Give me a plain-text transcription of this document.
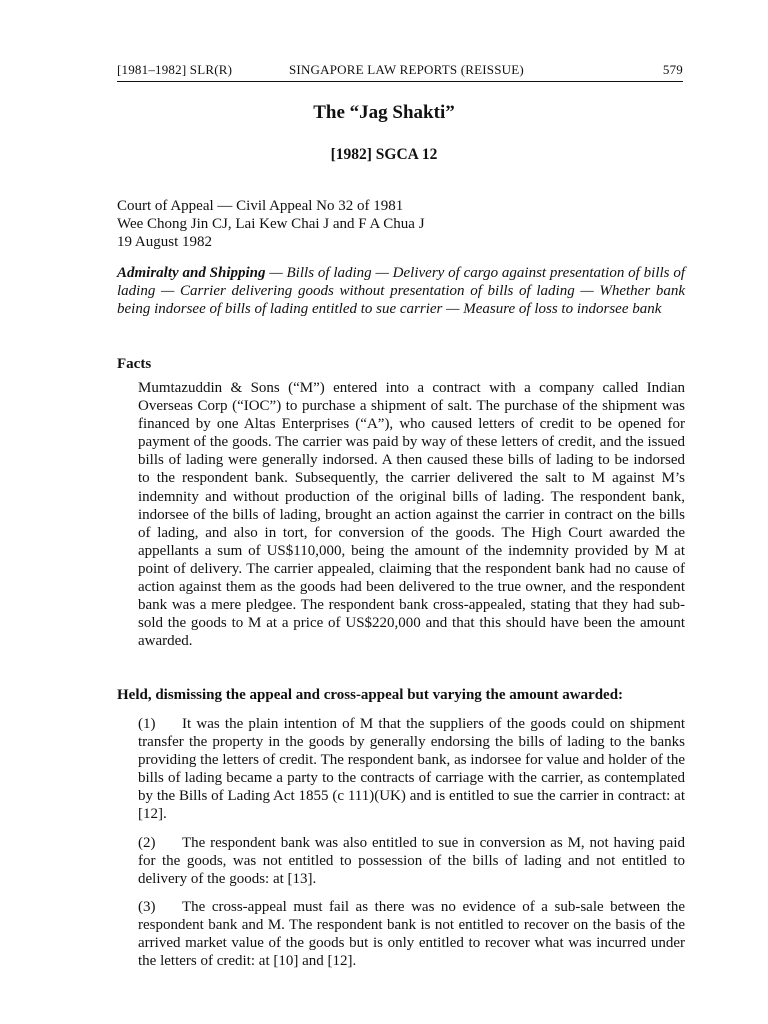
[1981–1982] SLR(R)	SINGAPORE LAW REPORTS (REISSUE)	579
The “Jag Shakti”
[1982] SGCA 12
Court of Appeal — Civil Appeal No 32 of 1981
Wee Chong Jin CJ, Lai Kew Chai J and F A Chua J
19 August 1982
Admiralty and Shipping — Bills of lading — Delivery of cargo against presentation of bills of lading — Carrier delivering goods without presentation of bills of lading — Whether bank being indorsee of bills of lading entitled to sue carrier — Measure of loss to indorsee bank
Facts
Mumtazuddin & Sons (“M”) entered into a contract with a company called Indian Overseas Corp (“IOC”) to purchase a shipment of salt. The purchase of the shipment was financed by one Altas Enterprises (“A”), who caused letters of credit to be opened for payment of the goods. The carrier was paid by way of these letters of credit, and the issued bills of lading were generally indorsed. A then caused these bills of lading to be indorsed to the respondent bank. Subsequently, the carrier delivered the salt to M against M’s indemnity and without production of the original bills of lading. The respondent bank, indorsee of the bills of lading, brought an action against the carrier in contract on the bills of lading, and also in tort, for conversion of the goods. The High Court awarded the appellants a sum of US$110,000, being the amount of the indemnity provided by M at point of delivery. The carrier appealed, claiming that the respondent bank had no cause of action against them as the goods had been delivered to the true owner, and the respondent bank was a mere pledgee. The respondent bank cross-appealed, stating that they had sub-sold the goods to M at a price of US$220,000 and that this should have been the amount awarded.
Held, dismissing the appeal and cross-appeal but varying the amount awarded:
(1) It was the plain intention of M that the suppliers of the goods could on shipment transfer the property in the goods by generally endorsing the bills of lading to the banks providing the letters of credit. The respondent bank, as indorsee for value and holder of the bills of lading became a party to the contracts of carriage with the carrier, as contemplated by the Bills of Lading Act 1855 (c 111)(UK) and is entitled to sue the carrier in contract: at [12].
(2) The respondent bank was also entitled to sue in conversion as M, not having paid for the goods, was not entitled to possession of the bills of lading and not entitled to delivery of the goods: at [13].
(3) The cross-appeal must fail as there was no evidence of a sub-sale between the respondent bank and M. The respondent bank is not entitled to recover on the basis of the arrived market value of the goods but is only entitled to recover what was incurred under the letters of credit: at [10] and [12].
